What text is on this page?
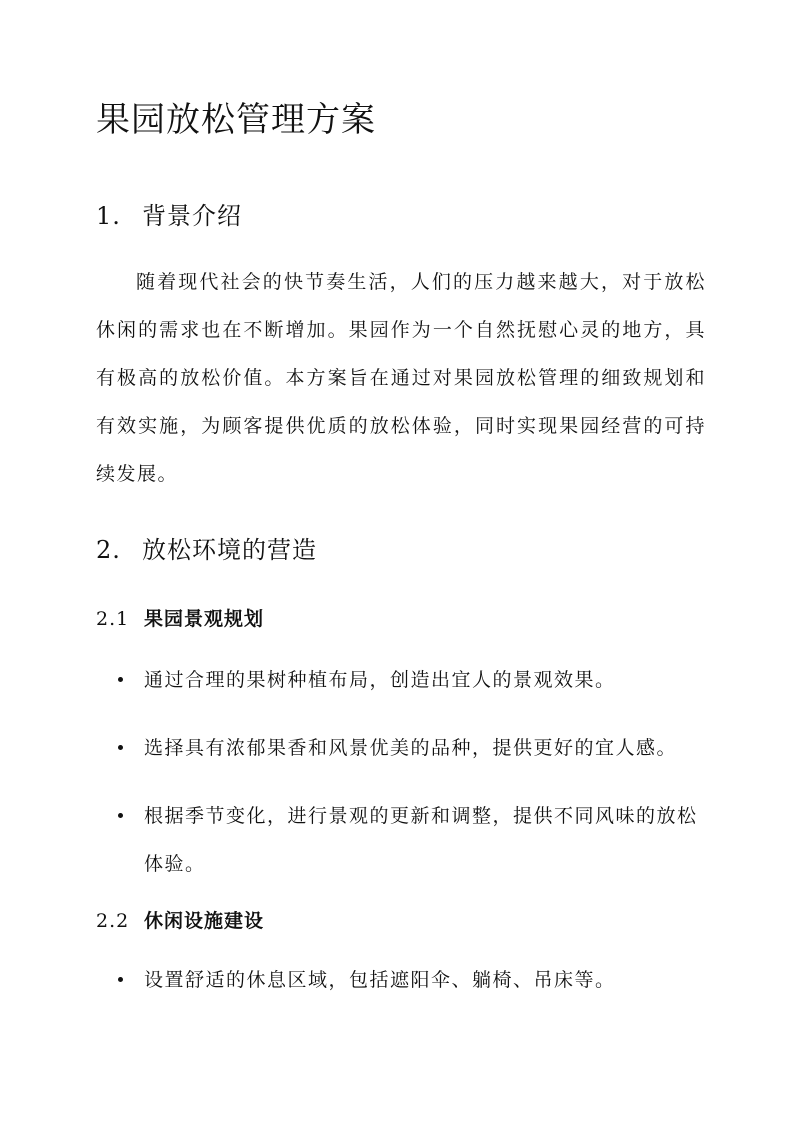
果园放松管理方案
1. 背景介绍

随着现代社会的快节奏生活，人们的压力越来越大，对于放松休闲的需求也在不断增加。果园作为一个自然抚慰心灵的地方，具有极高的放松价值。本方案旨在通过对果园放松管理的细致规划和有效实施，为顾客提供优质的放松体验，同时实现果园经营的可持续发展。

2. 放松环境的营造
2.1 果园景观规划
通过合理的果树种植布局，创造出宜人的景观效果。
选择具有浓郁果香和风景优美的品种，提供更好的宜人感。
根据季节变化，进行景观的更新和调整，提供不同风味的放松体验。
2.2 休闲设施建设
设置舒适的休息区域，包括遮阳伞、躺椅、吊床等。
